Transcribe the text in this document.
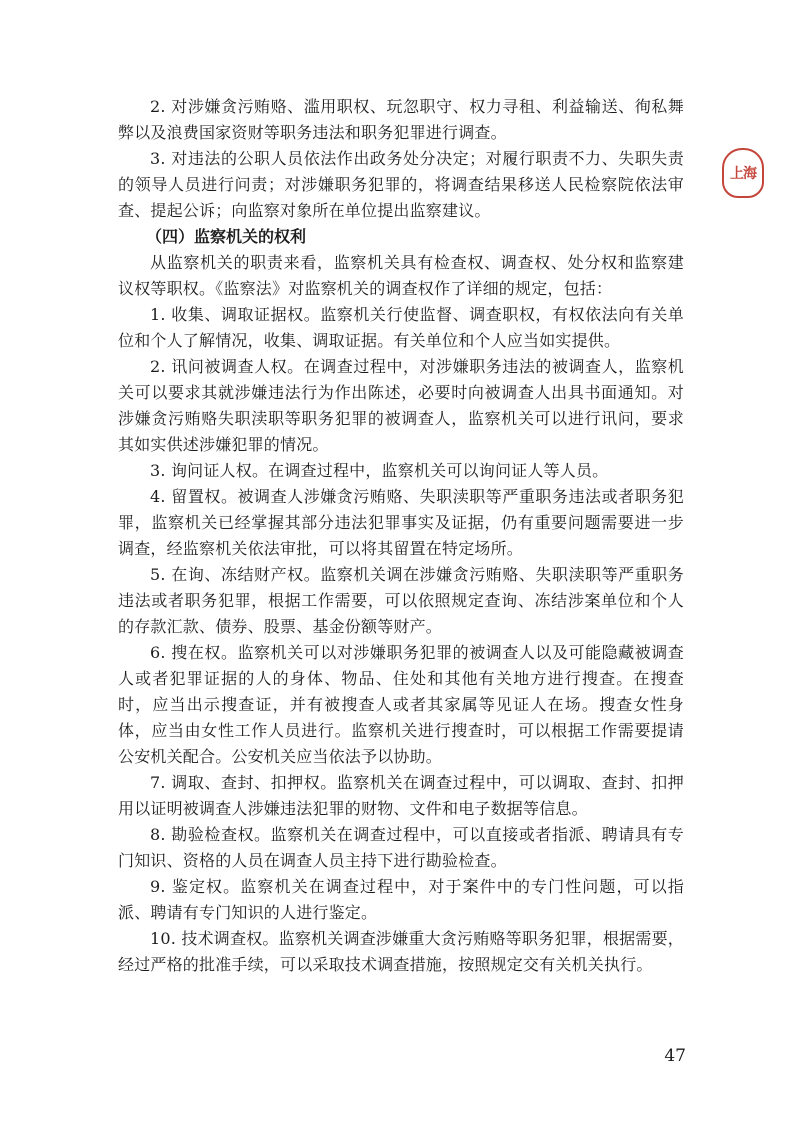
上海

2. 对涉嫌贪污贿赂、滥用职权、玩忽职守、权力寻租、利益输送、徇私舞弊以及浪费国家资财等职务违法和职务犯罪进行调查。

3. 对违法的公职人员依法作出政务处分决定；对履行职责不力、失职失责的领导人员进行问责；对涉嫌职务犯罪的，将调查结果移送人民检察院依法审查、提起公诉；向监察对象所在单位提出监察建议。

（四）监察机关的权利

从监察机关的职责来看，监察机关具有检查权、调查权、处分权和监察建议权等职权。《监察法》对监察机关的调查权作了详细的规定，包括：

1. 收集、调取证据权。监察机关行使监督、调查职权，有权依法向有关单位和个人了解情况，收集、调取证据。有关单位和个人应当如实提供。

2. 讯问被调查人权。在调查过程中，对涉嫌职务违法的被调查人，监察机关可以要求其就涉嫌违法行为作出陈述，必要时向被调查人出具书面通知。对涉嫌贪污贿赂失职渎职等职务犯罪的被调查人，监察机关可以进行讯问，要求其如实供述涉嫌犯罪的情况。

3. 询问证人权。在调查过程中，监察机关可以询问证人等人员。

4. 留置权。被调查人涉嫌贪污贿赂、失职渎职等严重职务违法或者职务犯罪，监察机关已经掌握其部分违法犯罪事实及证据，仍有重要问题需要进一步调查，经监察机关依法审批，可以将其留置在特定场所。

5. 在询、冻结财产权。监察机关调在涉嫌贪污贿赂、失职渎职等严重职务违法或者职务犯罪，根据工作需要，可以依照规定查询、冻结涉案单位和个人的存款汇款、债券、股票、基金份额等财产。

6. 搜在权。监察机关可以对涉嫌职务犯罪的被调查人以及可能隐藏被调查人或者犯罪证据的人的身体、物品、住处和其他有关地方进行搜查。在搜查时，应当出示搜查证，并有被搜查人或者其家属等见证人在场。搜查女性身体，应当由女性工作人员进行。监察机关进行搜查时，可以根据工作需要提请公安机关配合。公安机关应当依法予以协助。

7. 调取、查封、扣押权。监察机关在调查过程中，可以调取、查封、扣押用以证明被调查人涉嫌违法犯罪的财物、文件和电子数据等信息。

8. 勘验检查权。监察机关在调查过程中，可以直接或者指派、聘请具有专门知识、资格的人员在调查人员主持下进行勘验检查。

9. 鉴定权。监察机关在调查过程中，对于案件中的专门性问题，可以指派、聘请有专门知识的人进行鉴定。

10. 技术调查权。监察机关调查涉嫌重大贪污贿赂等职务犯罪，根据需要，经过严格的批准手续，可以采取技术调查措施，按照规定交有关机关执行。

47
